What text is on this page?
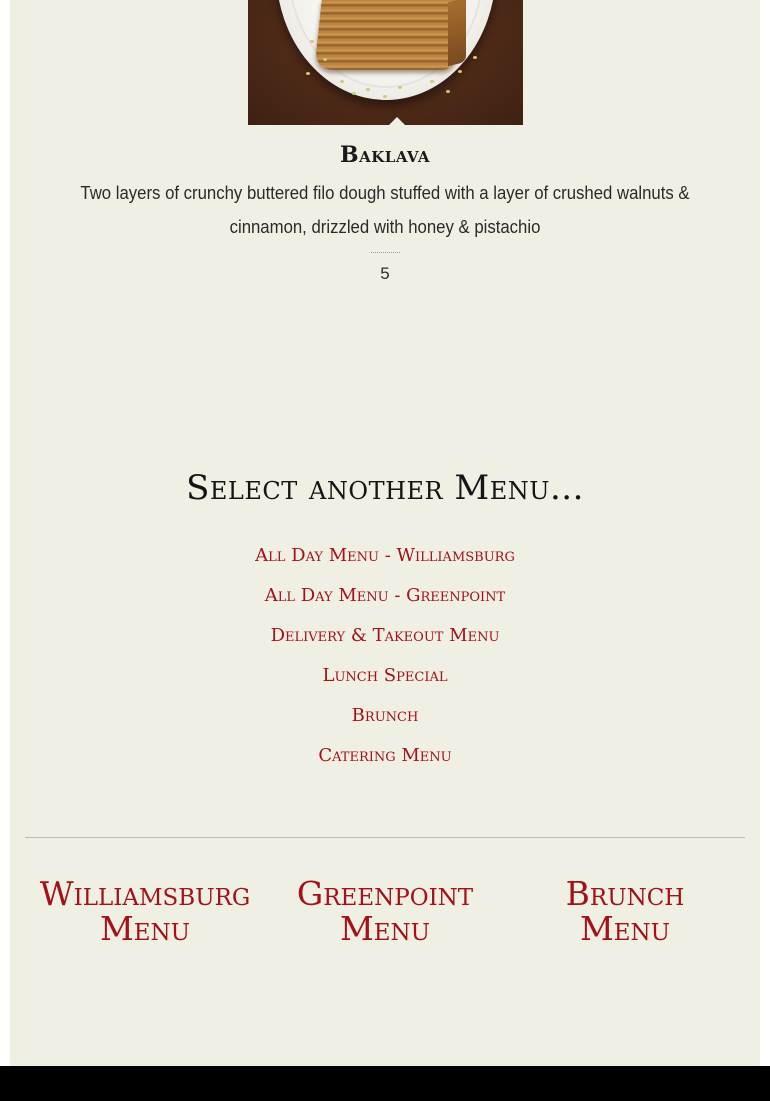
Baklava
Two layers of crunchy buttered filo dough stuffed with a layer of crushed walnuts & cinnamon, drizzled with honey & pistachio
5
Select another Menu...
All Day Menu - Williamsburg
All Day Menu - Greenpoint
Delivery & Takeout Menu
Lunch Special
Brunch
Catering Menu
Williamsburg
Menu
Greenpoint
Menu
Brunch
Menu
